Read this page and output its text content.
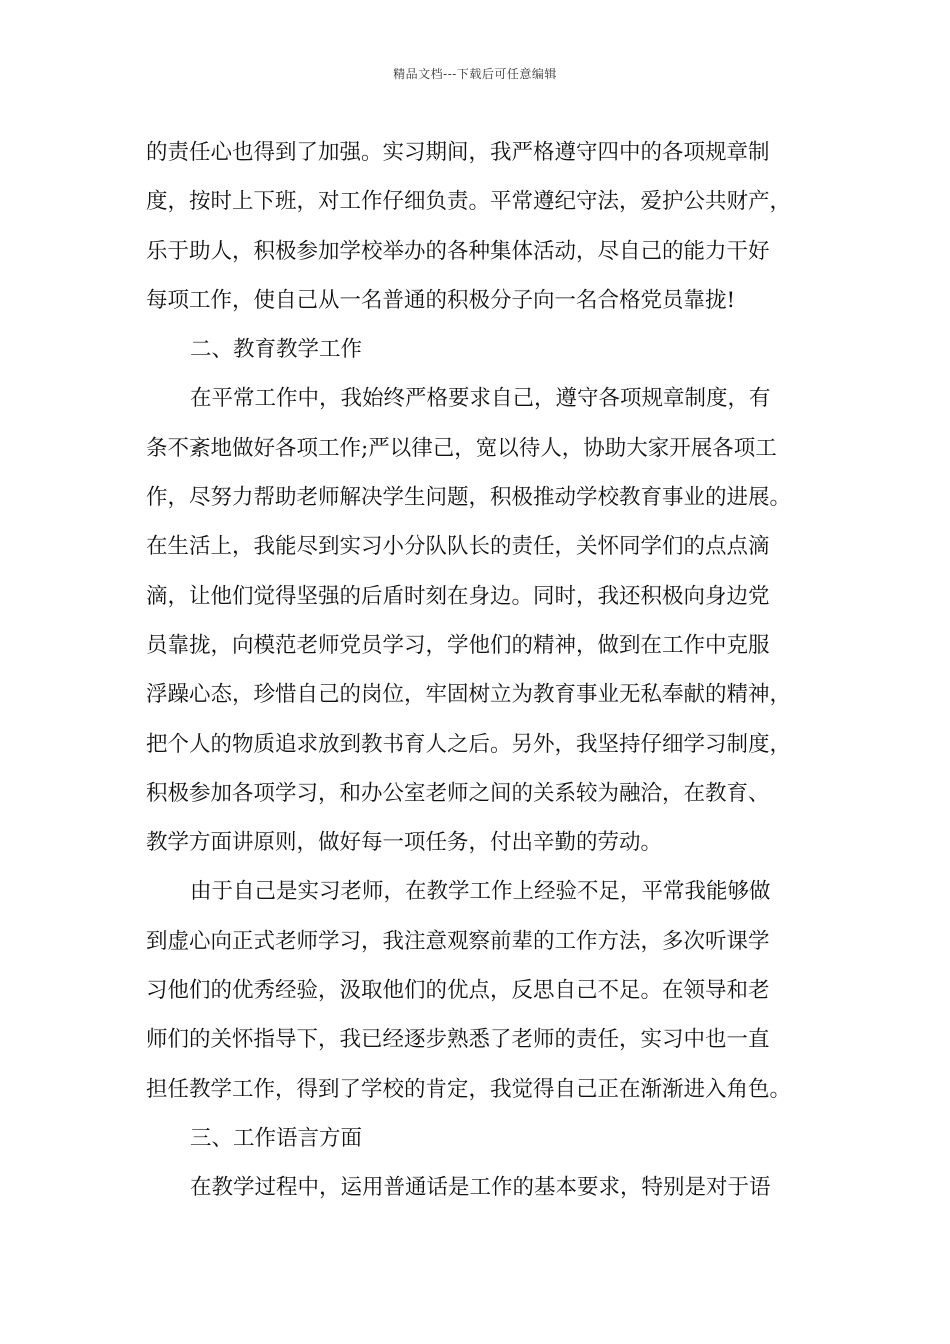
精品文档---下载后可任意编辑
的责任心也得到了加强。实习期间，我严格遵守四中的各项规章制
度，按时上下班，对工作仔细负责。平常遵纪守法，爱护公共财产，
乐于助人，积极参加学校举办的各种集体活动，尽自己的能力干好
每项工作，使自己从一名普通的积极分子向一名合格党员靠拢!
二、教育教学工作
在平常工作中，我始终严格要求自己，遵守各项规章制度，有
条不紊地做好各项工作;严以律己，宽以待人，协助大家开展各项工
作，尽努力帮助老师解决学生问题，积极推动学校教育事业的进展。
在生活上，我能尽到实习小分队队长的责任，关怀同学们的点点滴
滴，让他们觉得坚强的后盾时刻在身边。同时，我还积极向身边党
员靠拢，向模范老师党员学习，学他们的精神，做到在工作中克服
浮躁心态，珍惜自己的岗位，牢固树立为教育事业无私奉献的精神，
把个人的物质追求放到教书育人之后。另外，我坚持仔细学习制度，
积极参加各项学习，和办公室老师之间的关系较为融洽，在教育、
教学方面讲原则，做好每一项任务，付出辛勤的劳动。
由于自己是实习老师，在教学工作上经验不足，平常我能够做
到虚心向正式老师学习，我注意观察前辈的工作方法，多次听课学
习他们的优秀经验，汲取他们的优点，反思自己不足。在领导和老
师们的关怀指导下，我已经逐步熟悉了老师的责任，实习中也一直
担任教学工作，得到了学校的肯定，我觉得自己正在渐渐进入角色。
三、工作语言方面
在教学过程中，运用普通话是工作的基本要求，特别是对于语
